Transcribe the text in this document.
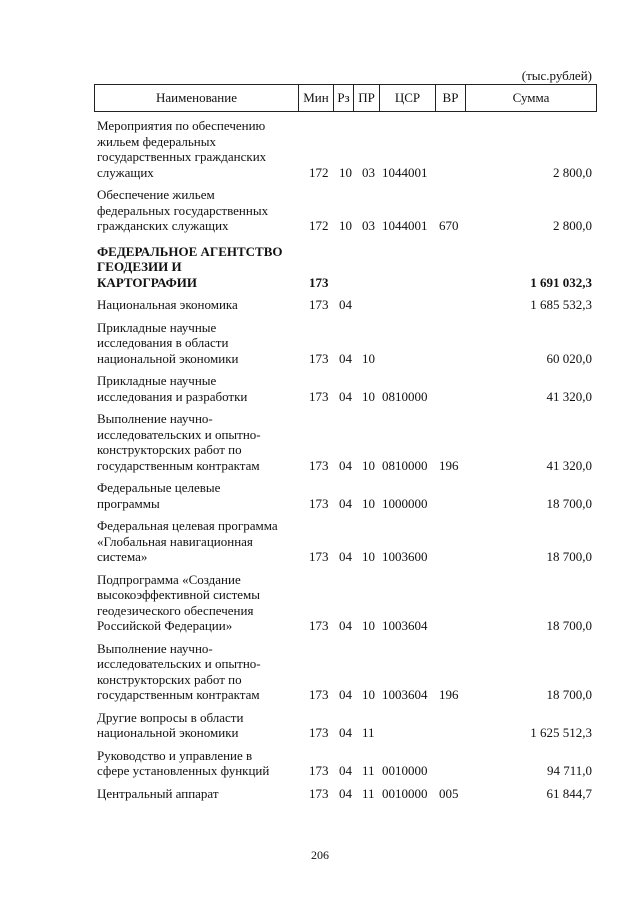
(тыс.рублей)
Наименование	Мин Рз ПР	ЦСР	ВР	Сумма
Мероприятия по обеспечению
жильем федеральных
государственных гражданских
служащих	172 10 03 1044001	2 800,0
Обеспечение жильем
федеральных государственных
гражданских служащих	172 10 03 1044001 670	2 800,0
ФЕДЕРАЛЬНОЕ АГЕНТСТВО
ГЕОДЕЗИИ И
КАРТОГРАФИИ	173	1 691 032,3
Национальная экономика	173 04	1 685 532,3
Прикладные научные
исследования в области
национальной экономики	173 04 10	60 020,0
Прикладные научные
исследования и разработки	173 04 10 0810000	41 320,0
Выполнение научно-
исследовательских и опытно-
конструкторских работ по
государственным контрактам	173 04 10 0810000 196	41 320,0
Федеральные целевые
программы	173 04 10 1000000	18 700,0
Федеральная целевая программа
«Глобальная навигационная
система»	173 04 10 1003600	18 700,0
Подпрограмма «Создание
высокоэффективной системы
геодезического обеспечения
Российской Федерации»	173 04 10 1003604	18 700,0
Выполнение научно-
исследовательских и опытно-
конструкторских работ по
государственным контрактам	173 04 10 1003604 196	18 700,0
Другие вопросы в области
национальной экономики	173 04 11	1 625 512,3
Руководство и управление в
сфере установленных функций	173 04 11 0010000	94 711,0
Центральный аппарат	173 04 11 0010000 005	61 844,7
206
